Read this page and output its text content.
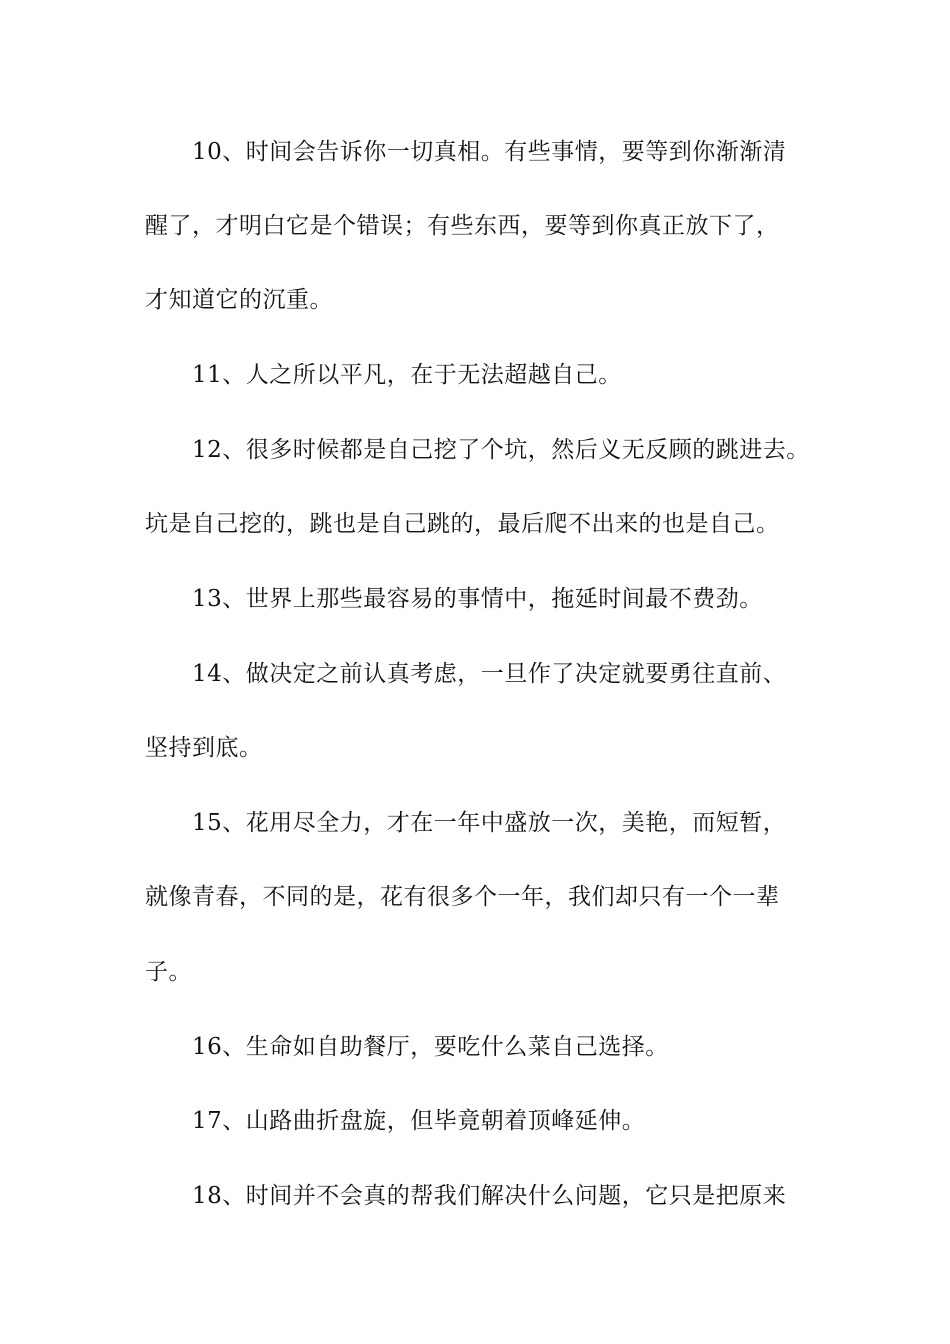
10、时间会告诉你一切真相。有些事情，要等到你渐渐清
醒了，才明白它是个错误；有些东西，要等到你真正放下了，
才知道它的沉重。
11、人之所以平凡，在于无法超越自己。
12、很多时候都是自己挖了个坑，然后义无反顾的跳进去。
坑是自己挖的，跳也是自己跳的，最后爬不出来的也是自己。
13、世界上那些最容易的事情中，拖延时间最不费劲。
14、做决定之前认真考虑，一旦作了决定就要勇往直前、
坚持到底。
15、花用尽全力，才在一年中盛放一次，美艳，而短暂，
就像青春，不同的是，花有很多个一年，我们却只有一个一辈
子。
16、生命如自助餐厅，要吃什么菜自己选择。
17、山路曲折盘旋，但毕竟朝着顶峰延伸。
18、时间并不会真的帮我们解决什么问题，它只是把原来
